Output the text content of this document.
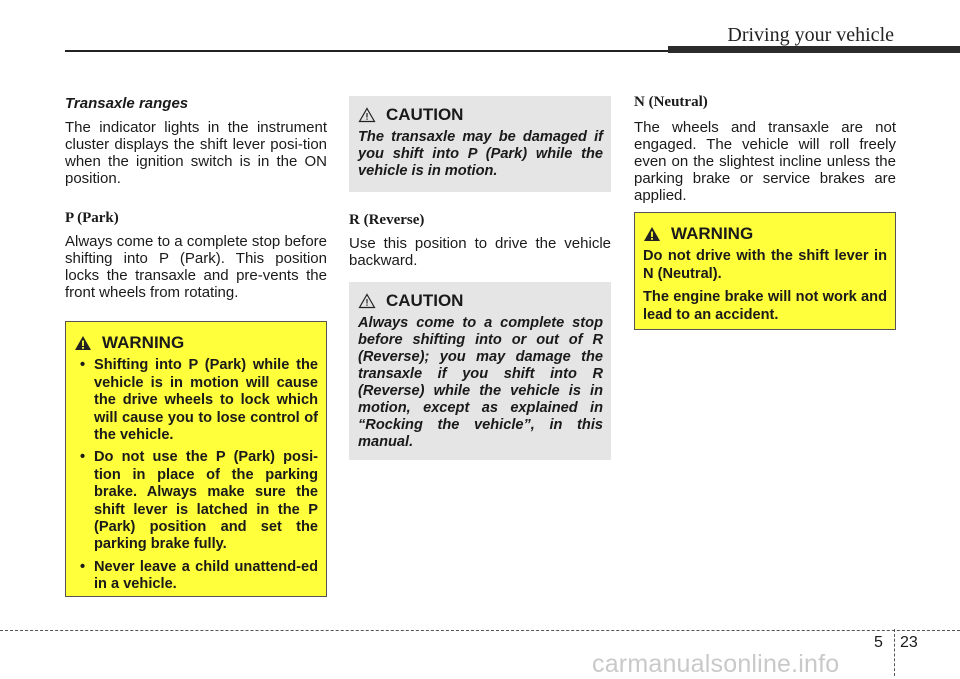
Driving your vehicle
Transaxle ranges

The indicator lights in the instrument cluster displays the shift lever posi-tion when the ignition switch is in the ON position.

P (Park)

Always come to a complete stop before shifting into P (Park). This position locks the transaxle and pre-vents the front wheels from rotating.

WARNING
• Shifting into P (Park) while the vehicle is in motion will cause the drive wheels to lock which will cause you to lose control of the vehicle.
• Do not use the P (Park) posi-tion in place of the parking brake. Always make sure the shift lever is latched in the P (Park) position and set the parking brake fully.
• Never leave a child unattend-ed in a vehicle.
CAUTION
The transaxle may be damaged if you shift into P (Park) while the vehicle is in motion.
R (Reverse)

Use this position to drive the vehicle backward.

CAUTION
Always come to a complete stop before shifting into or out of R (Reverse); you may damage the transaxle if you shift into R (Reverse) while the vehicle is in motion, except as explained in “Rocking the vehicle”, in this manual.
N (Neutral)

The wheels and transaxle are not engaged. The vehicle will roll freely even on the slightest incline unless the parking brake or service brakes are applied.

WARNING

Do not drive with the shift lever in N (Neutral).

The engine brake will not work and lead to an accident.

5 23
carmanualsonline.info
